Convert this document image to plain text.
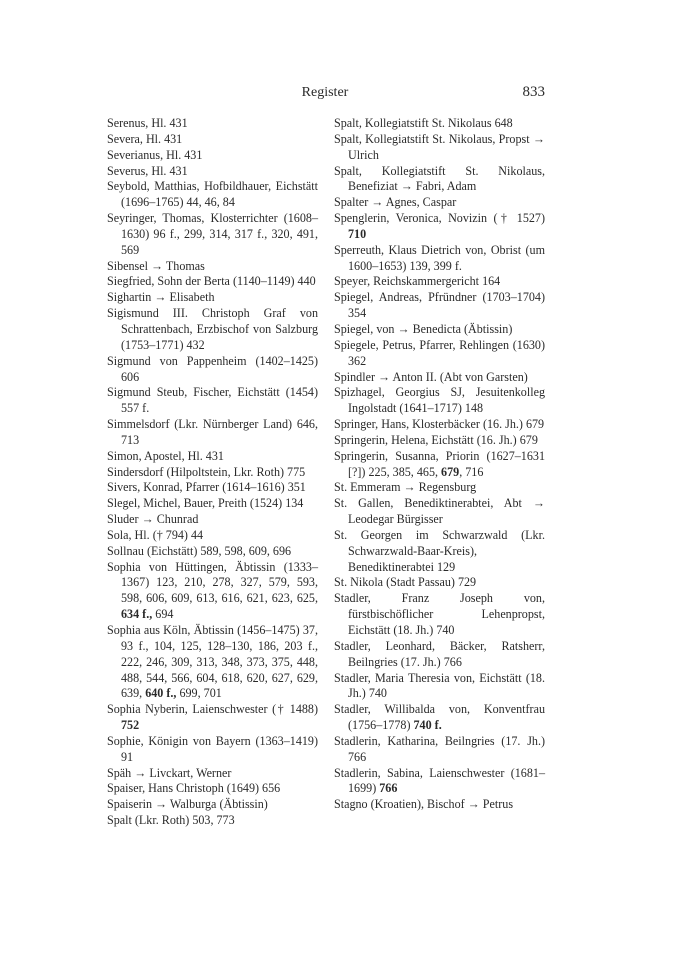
Register	833
Serenus, Hl. 431
Severa, Hl. 431
Severianus, Hl. 431
Severus, Hl. 431
Seybold, Matthias, Hofbildhauer, Eichstätt (1696–1765) 44, 46, 84
Seyringer, Thomas, Klosterrichter (1608–1630) 96 f., 299, 314, 317 f., 320, 491, 569
Sibensel → Thomas
Siegfried, Sohn der Berta (1140–1149) 440
Sighartin → Elisabeth
Sigismund III. Christoph Graf von Schrattenbach, Erzbischof von Salzburg (1753–1771) 432
Sigmund von Pappenheim (1402–1425) 606
Sigmund Steub, Fischer, Eichstätt (1454) 557 f.
Simmelsdorf (Lkr. Nürnberger Land) 646, 713
Simon, Apostel, Hl. 431
Sindersdorf (Hilpoltstein, Lkr. Roth) 775
Sivers, Konrad, Pfarrer (1614–1616) 351
Slegel, Michel, Bauer, Preith (1524) 134
Sluder → Chunrad
Sola, Hl. († 794) 44
Sollnau (Eichstätt) 589, 598, 609, 696
Sophia von Hüttingen, Äbtissin (1333–1367) 123, 210, 278, 327, 579, 593, 598, 606, 609, 613, 616, 621, 623, 625, 634 f., 694
Sophia aus Köln, Äbtissin (1456–1475) 37, 93 f., 104, 125, 128–130, 186, 203 f., 222, 246, 309, 313, 348, 373, 375, 448, 488, 544, 566, 604, 618, 620, 627, 629, 639, 640 f., 699, 701
Sophia Nyberin, Laienschwester († 1488) 752
Sophie, Königin von Bayern (1363–1419) 91
Späh → Livckart, Werner
Spaiser, Hans Christoph (1649) 656
Spaiserin → Walburga (Äbtissin)
Spalt (Lkr. Roth) 503, 773
Spalt, Kollegiatstift St. Nikolaus 648
Spalt, Kollegiatstift St. Nikolaus, Propst → Ulrich
Spalt, Kollegiatstift St. Nikolaus, Benefiziat → Fabri, Adam
Spalter → Agnes, Caspar
Spenglerin, Veronica, Novizin († 1527) 710
Sperreuth, Klaus Dietrich von, Obrist (um 1600–1653) 139, 399 f.
Speyer, Reichskammergericht 164
Spiegel, Andreas, Pfründner (1703–1704) 354
Spiegel, von → Benedicta (Äbtissin)
Spiegele, Petrus, Pfarrer, Rehlingen (1630) 362
Spindler → Anton II. (Abt von Garsten)
Spizhagel, Georgius SJ, Jesuitenkolleg Ingolstadt (1641–1717) 148
Springer, Hans, Klosterbäcker (16. Jh.) 679
Springerin, Helena, Eichstätt (16. Jh.) 679
Springerin, Susanna, Priorin (1627–1631 [?]) 225, 385, 465, 679, 716
St. Emmeram → Regensburg
St. Gallen, Benediktinerabtei, Abt → Leodegar Bürgisser
St. Georgen im Schwarzwald (Lkr. Schwarzwald-Baar-Kreis), Benediktinerabtei 129
St. Nikola (Stadt Passau) 729
Stadler, Franz Joseph von, fürstbischöflicher Lehenpropst, Eichstätt (18. Jh.) 740
Stadler, Leonhard, Bäcker, Ratsherr, Beilngries (17. Jh.) 766
Stadler, Maria Theresia von, Eichstätt (18. Jh.) 740
Stadler, Willibalda von, Konventfrau (1756–1778) 740 f.
Stadlerin, Katharina, Beilngries (17. Jh.) 766
Stadlerin, Sabina, Laienschwester (1681–1699) 766
Stagno (Kroatien), Bischof → Petrus
